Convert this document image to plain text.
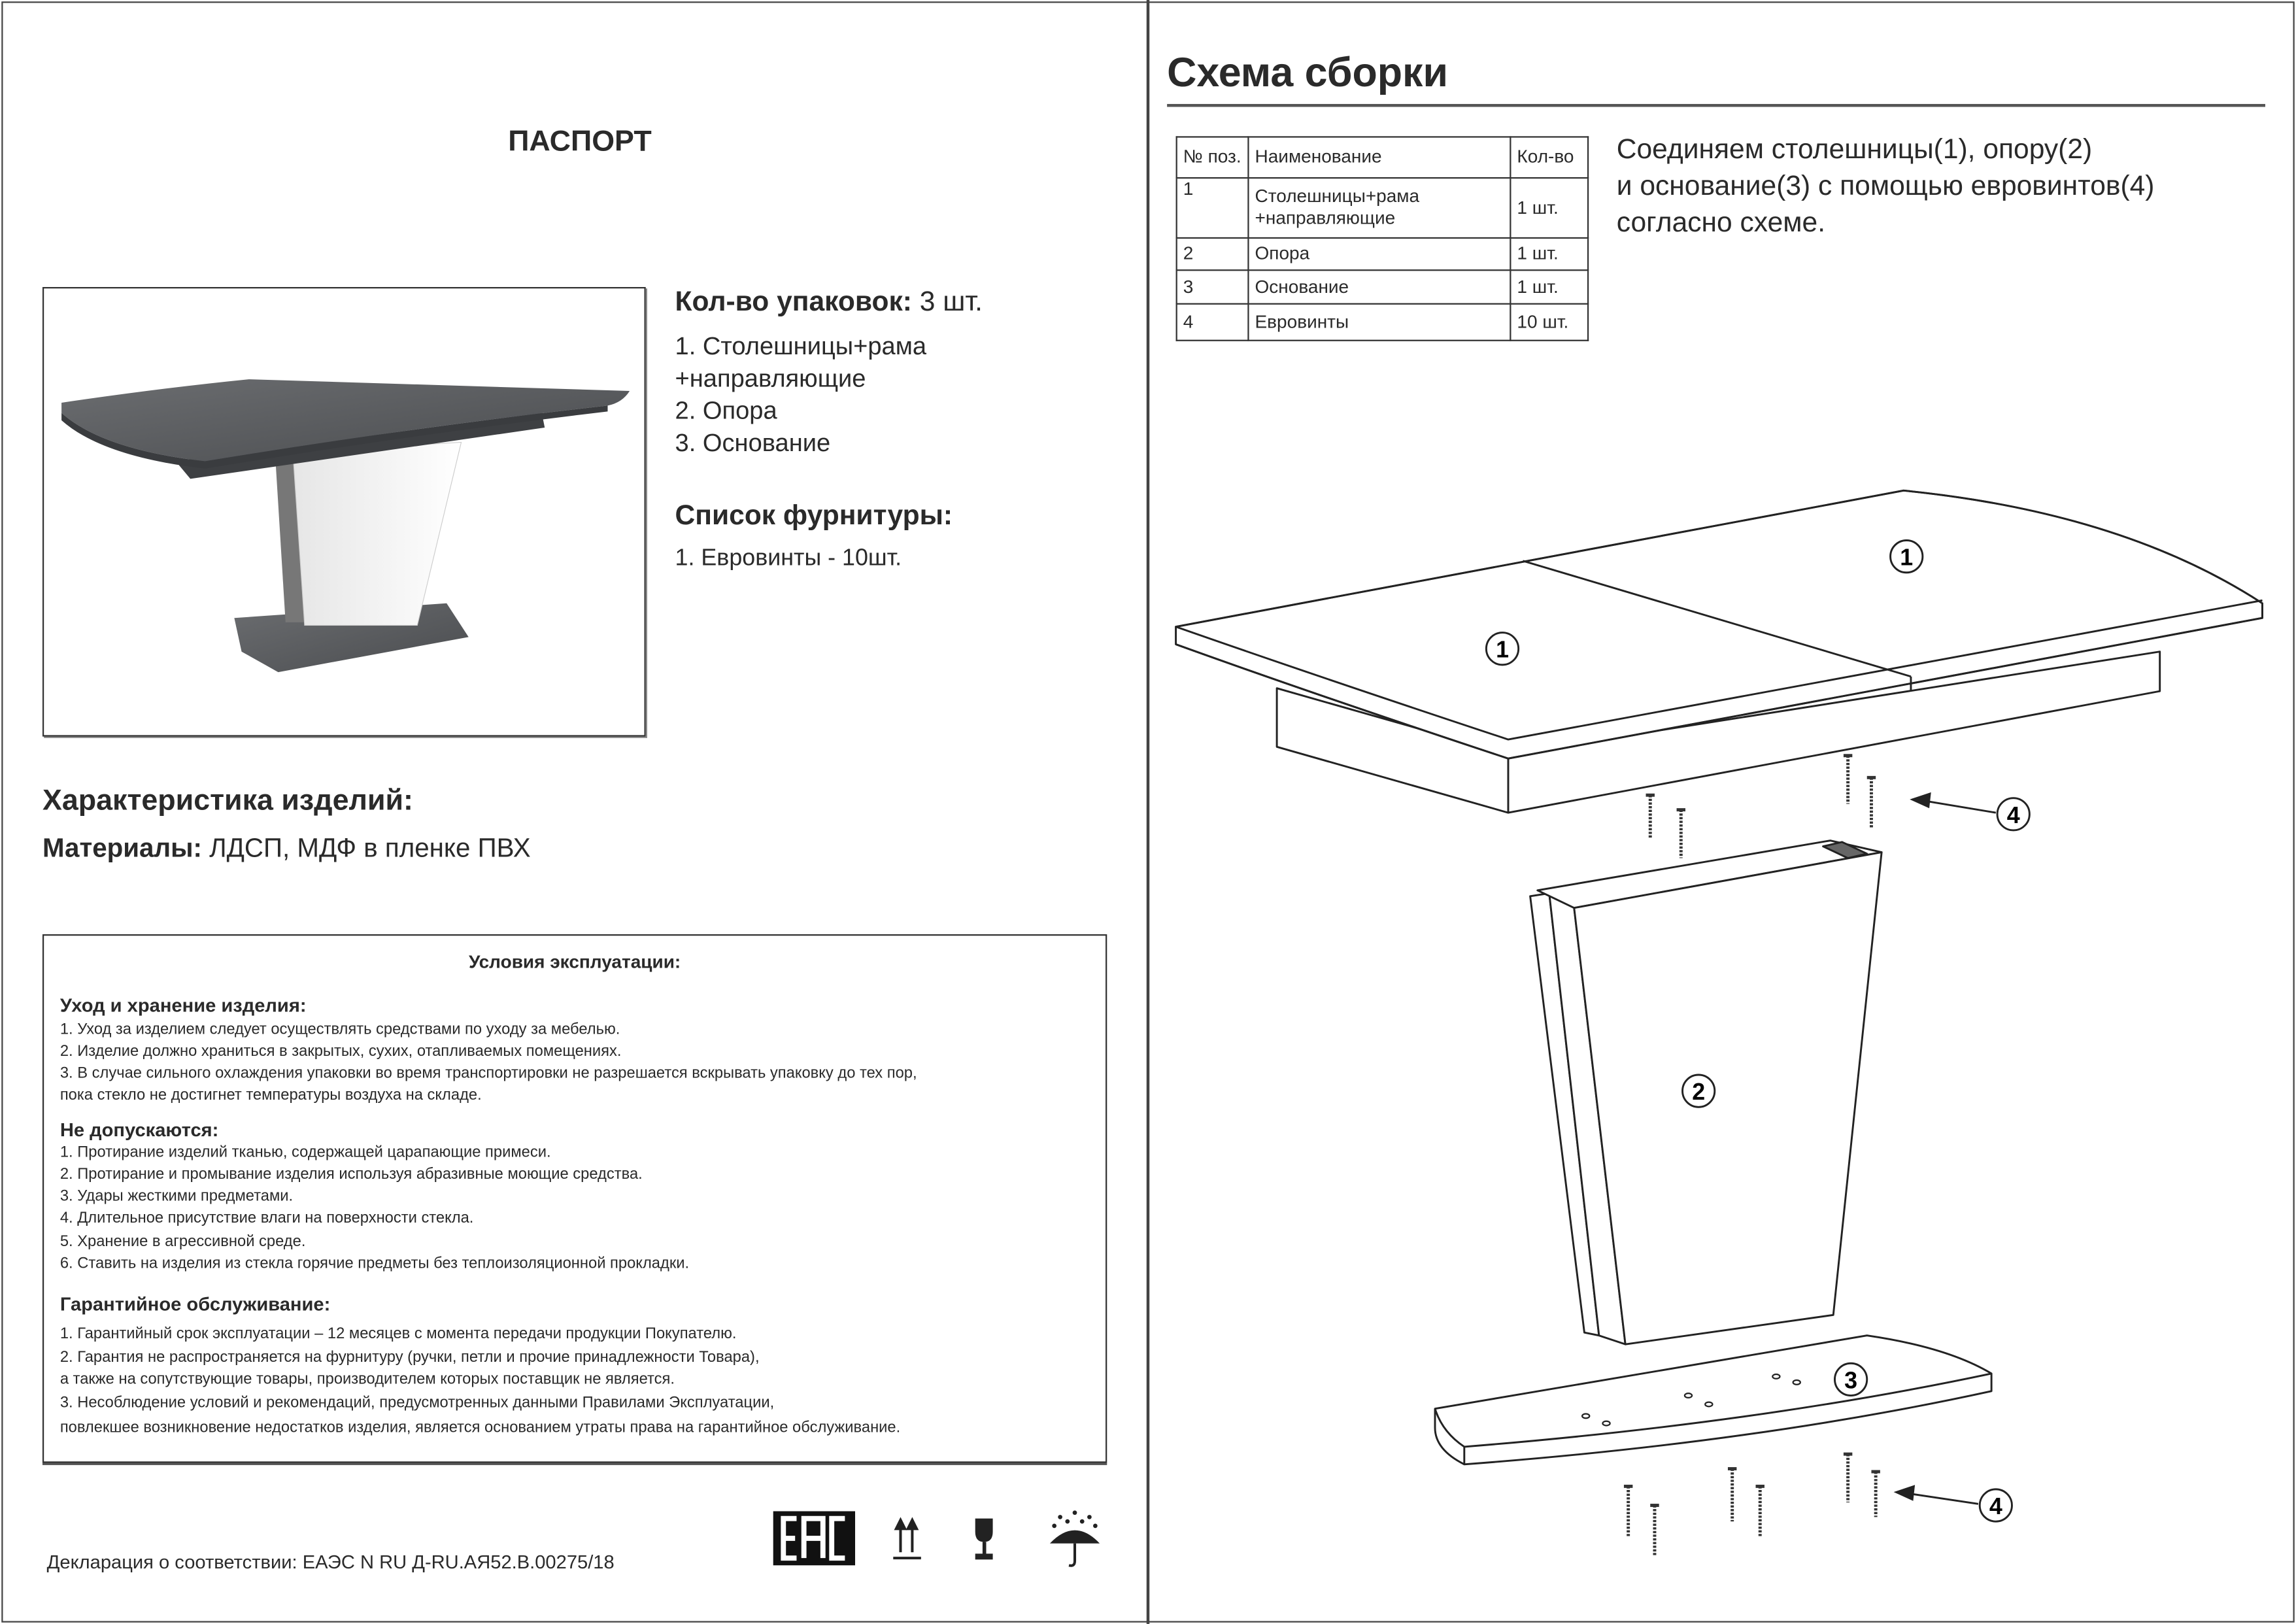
ПАСПОРТ
Кол-во упаковок: 3 шт.
1. Столешницы+рама
+направляющие
2. Опора
3. Основание
Список фурнитуры:
1. Евровинты - 10шт.
Характеристика изделий:
Материалы: ЛДСП, МДФ в пленке ПВХ
Условия эксплуатации:
Уход и хранение изделия:
1. Уход за изделием следует осуществлять средствами по уходу за мебелью.
2. Изделие должно храниться в закрытых, сухих, отапливаемых помещениях.
3. В случае сильного охлаждения упаковки во время транспортировки не разрешается вскрывать упаковку до тех пор,
пока стекло не достигнет температуры воздуха на складе.
Не допускаются:
1. Протирание изделий тканью, содержащей царапающие примеси.
2. Протирание и промывание изделия используя абразивные моющие средства.
3. Удары жесткими предметами.
4. Длительное присутствие влаги на поверхности стекла.
5. Хранение в агрессивной среде.
6. Ставить на изделия из стекла горячие предметы без теплоизоляционной прокладки.
Гарантийное обслуживание:
1. Гарантийный срок эксплуатации – 12 месяцев с момента передачи продукции Покупателю.
2. Гарантия не распространяется на фурнитуру (ручки, петли и прочие принадлежности Товара),
а также на сопутствующие товары, производителем которых поставщик не является.
3. Несоблюдение условий и рекомендаций, предусмотренных данными Правилами Эксплуатации,
повлекшее возникновение недостатков изделия, является основанием утраты права на гарантийное обслуживание.
Декларация о соответствии: ЕАЭС N RU Д-RU.АЯ52.В.00275/18
Схема сборки
№ поз.	Наименование	Кол-во
1	Столешницы+рама
+направляющие	1 шт.
2	Опора	1 шт.
3	Основание	1 шт.
4	Евровинты	10 шт.
Соединяем столешницы(1), опору(2)
и основание(3) с помощью евровинтов(4)
согласно схеме.
1
1
2
3
4
4
